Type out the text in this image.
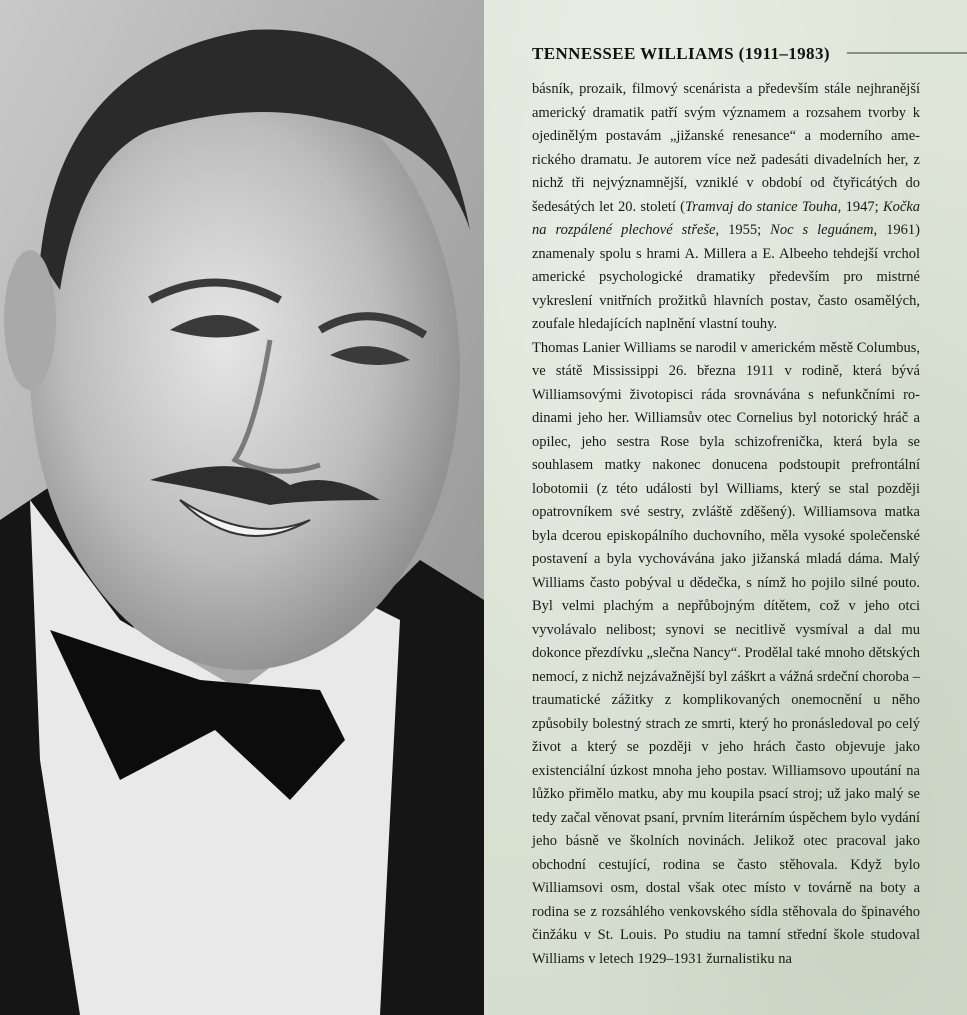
TENNESSEE WILLIAMS (1911–1983)

básník, prozaik, filmový scenárista a především stále nejhranější americký dramatik patří svým významem a rozsahem tvorby k ojedinělým postavám „jižanské renesance“ a moderního amerického dramatu. Je autorem více než padesáti divadelních her, z nichž tři nejvýznamnější, vzniklé v období od čtyřicátých do šedesátých let 20. století (Tramvaj do stanice Touha, 1947; Kočka na rozpálené plechové střeše, 1955; Noc s leguánem, 1961) znamenaly spolu s hrami A. Millera a E. Albeeho tehdejší vrchol americké psychologické dramatiky především pro mistrné vykreslení vnitřních prožitků hlavních postav, často osamělých, zoufale hledajících naplnění vlastní touhy.

Thomas Lanier Williams se narodil v americkém městě Columbus, ve státě Mississippi 26. března 1911 v rodině, která bývá Williamsovými životopisci ráda srovnávána s nefunkčními rodinami jeho her. Williamsův otec Cornelius byl notorický hráč a opilec, jeho sestra Rose byla schizofrenička, která byla se souhlasem matky nakonec donucena podstoupit prefrontální lobotomii (z této události byl Williams, který se stal později opatrovníkem své sestry, zvláště zděšený). Williamsova matka byla dcerou episkopálního duchovního, měla vysoké společenské postavení a byla vychovávána jako jižanská mladá dáma. Malý Williams často pobýval u dědečka, s nímž ho pojilo silné pouto. Byl velmi plachým a nepřůbojným dítětem, což v jeho otci vyvolávalo nelibost; synovi se necitlivě vysmíval a dal mu dokonce přezdívku „slečna Nancy“. Prodělal také mnoho dětských nemocí, z nichž nejzávažnější byl záškrt a vážná srdeční choroba – traumatické zážitky z komplikovaných onemocnění u něho způsobily bolestný strach ze smrti, který ho pronásledoval po celý život a který se později v jeho hrách často objevuje jako existenciální úzkost mnoha jeho postav. Williamsovo upoutání na lůžko přimělo matku, aby mu koupila psací stroj; už jako malý se tedy začal věnovat psaní, prvním literárním úspěchem bylo vydání jeho básně ve školních novinách. Jelikož otec pracoval jako obchodní cestující, rodina se často stěhovala. Když bylo Williamsovi osm, dostal však otec místo v továrně na boty a rodina se z rozsáhlého venkovského sídla stěhovala do špinavého činžáku v St. Louis. Po studiu na tamní střední škole studoval Williams v letech 1929–1931 žurnalistiku na
